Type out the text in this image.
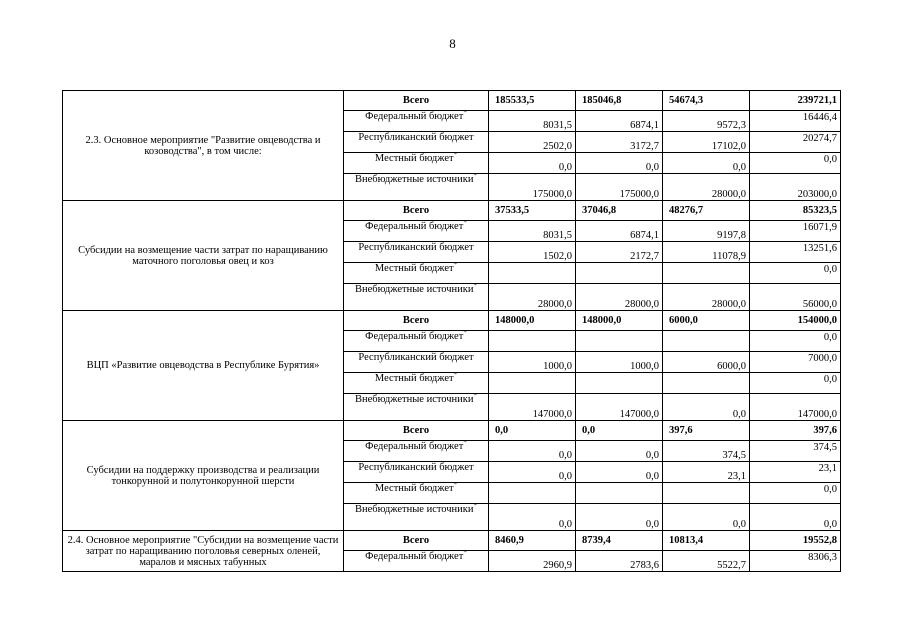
8
2.3. Основное мероприятие "Развитие овцеводства и козоводства", в том числе:	Всего	185533,5	185046,8	54674,3	239721,1
	Федеральный бюджет*	8031,5	6874,1	9572,3	16446,4
	Республиканский бюджет	2502,0	3172,7	17102,0	20274,7
	Местный бюджет*	0,0	0,0	0,0	0,0
	Внебюджетные источники*	175000,0	175000,0	28000,0	203000,0
Субсидии на возмещение части затрат по наращиванию маточного поголовья овец и коз	Всего	37533,5	37046,8	48276,7	85323,5
	Федеральный бюджет*	8031,5	6874,1	9197,8	16071,9
	Республиканский бюджет	1502,0	2172,7	11078,9	13251,6
	Местный бюджет*				0,0
	Внебюджетные источники*	28000,0	28000,0	28000,0	56000,0
ВЦП «Развитие овцеводства в Республике Бурятия»	Всего	148000,0	148000,0	6000,0	154000,0
	Федеральный бюджет*				0,0
	Республиканский бюджет	1000,0	1000,0	6000,0	7000,0
	Местный бюджет*				0,0
	Внебюджетные источники*	147000,0	147000,0	0,0	147000,0
Субсидии на поддержку производства и реализации тонкорунной и полутонкорунной шерсти	Всего	0,0	0,0	397,6	397,6
	Федеральный бюджет*	0,0	0,0	374,5	374,5
	Республиканский бюджет	0,0	0,0	23,1	23,1
	Местный бюджет*				0,0
	Внебюджетные источники*	0,0	0,0	0,0	0,0
2.4. Основное мероприятие "Субсидии на возмещение части затрат по наращиванию поголовья северных оленей, маралов и мясных табунных	Всего	8460,9	8739,4	10813,4	19552,8
	Федеральный бюджет*	2960,9	2783,6	5522,7	8306,3
